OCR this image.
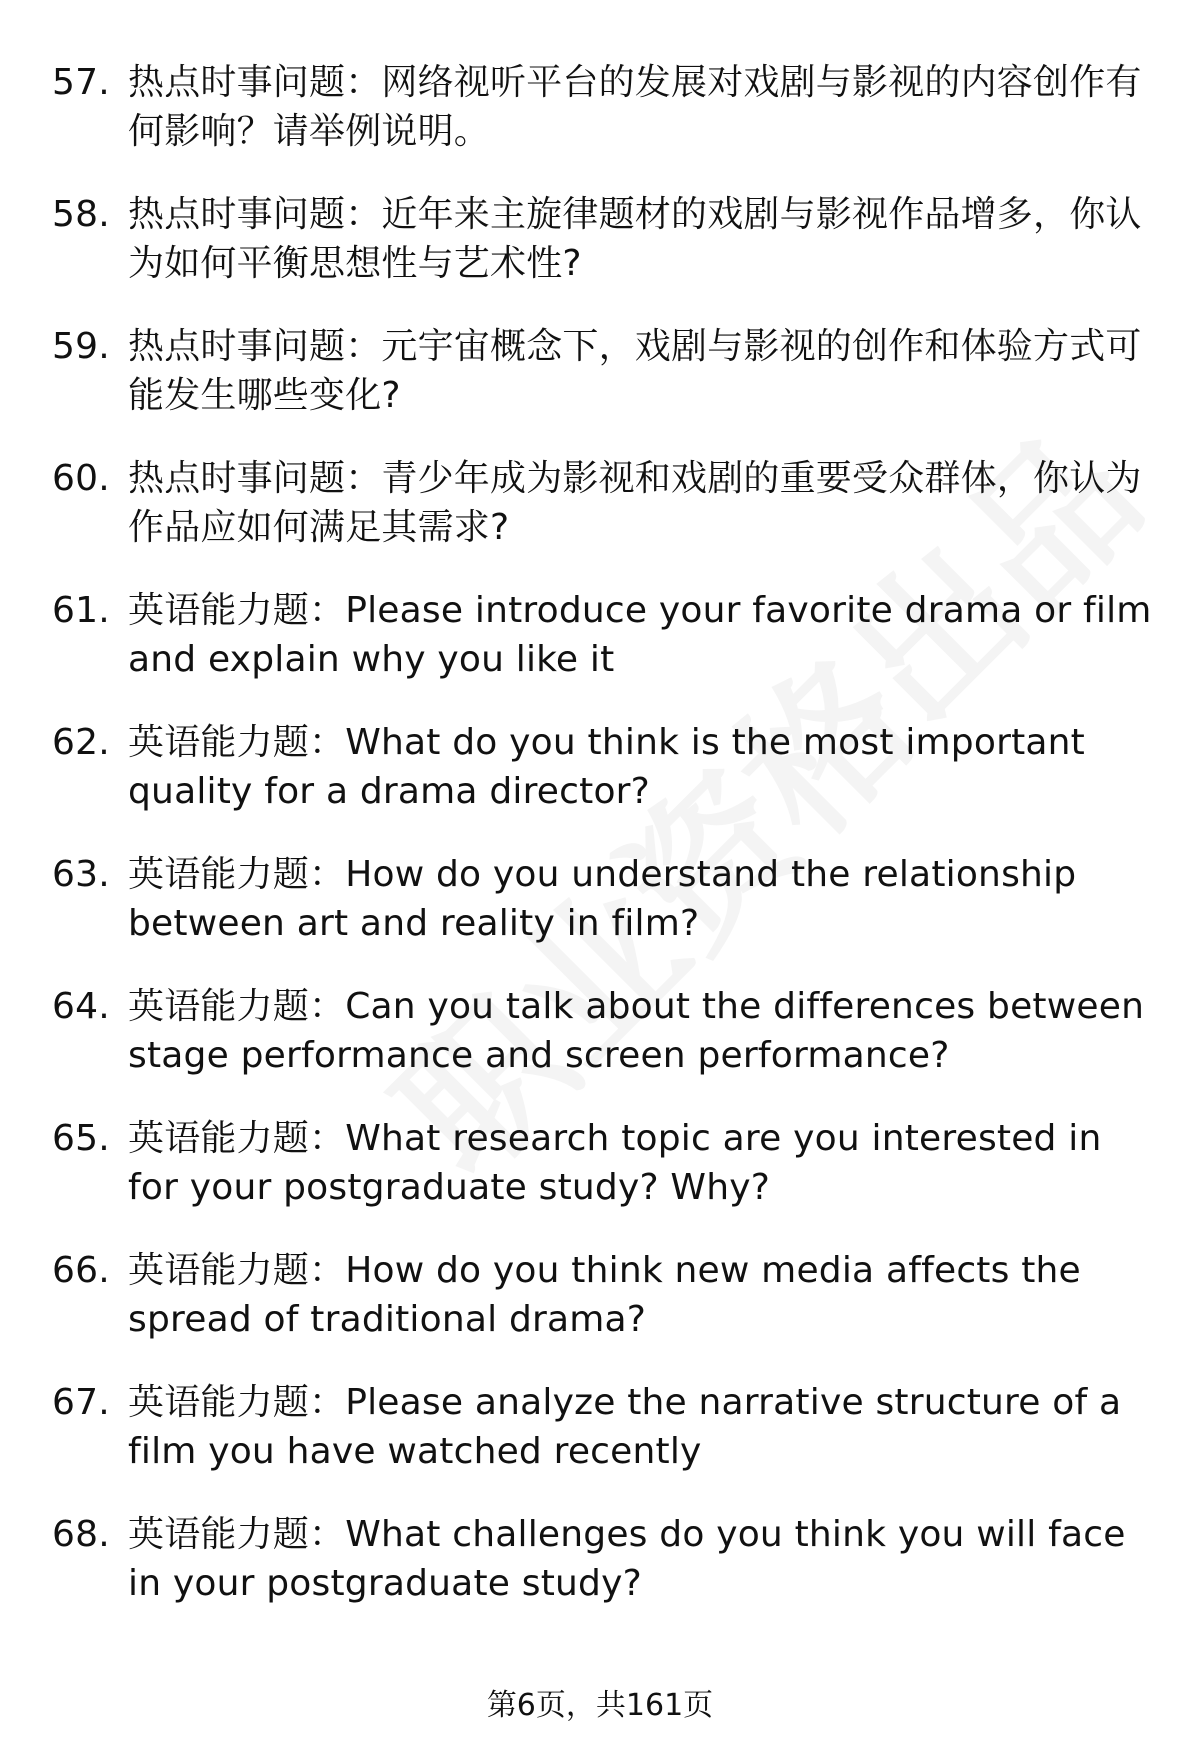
57. 热点时事问题：网络视听平台的发展对戏剧与影视的内容创作有何影响？请举例说明。
58. 热点时事问题：近年来主旋律题材的戏剧与影视作品增多，你认为如何平衡思想性与艺术性?
59. 热点时事问题：元宇宙概念下，戏剧与影视的创作和体验方式可能发生哪些变化?
60. 热点时事问题：青少年成为影视和戏剧的重要受众群体，你认为作品应如何满足其需求?
61. 英语能力题：Please introduce your favorite drama or film and explain why you like it
62. 英语能力题：What do you think is the most important quality for a drama director?
63. 英语能力题：How do you understand the relationship between art and reality in film?
64. 英语能力题：Can you talk about the differences between stage performance and screen performance?
65. 英语能力题：What research topic are you interested in for your postgraduate study? Why?
66. 英语能力题：How do you think new media affects the spread of traditional drama?
67. 英语能力题：Please analyze the narrative structure of a film you have watched recently
68. 英语能力题：What challenges do you think you will face in your postgraduate study?
第6页，共161页
